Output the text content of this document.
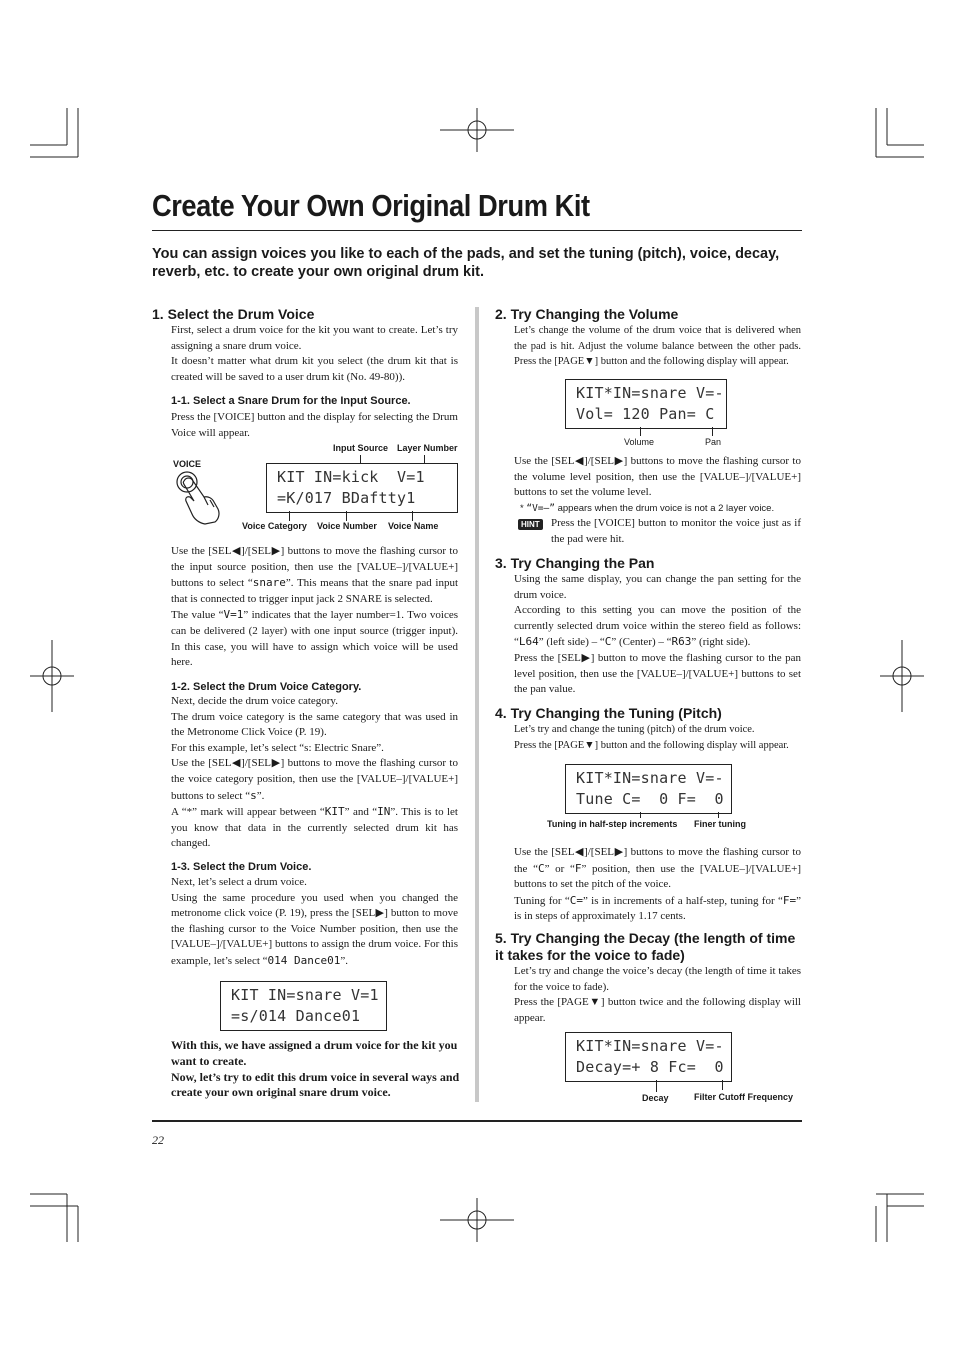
Create Your Own Original Drum Kit
You can assign voices you like to each of the pads, and set the tuning (pitch), voice, decay, reverb, etc. to create your own original drum kit.
1. Select the Drum Voice

First, select a drum voice for the kit you want to create. Let’s try assigning a snare drum voice.

It doesn’t matter what drum kit you select (the drum kit that is created will be saved to a user drum kit (No. 49-80)).

1-1. Select a Snare Drum for the Input Source.

Press the [VOICE] button and the display for selecting the Drum Voice will appear.

Input Source Layer Number
VOICE
KIT IN=kick  V=1
=K/017 BDaftty1
Voice Category Voice Number Voice Name

Use the [SEL◀]/[SEL▶] buttons to move the flashing cursor to the input source position, then use the [VALUE–]/[VALUE+] buttons to select “snare”. This means that the snare pad input that is connected to trigger input jack 2 SNARE is selected.

The value “V=1” indicates that the layer number=1. Two voices can be delivered (2 layer) with one input source (trigger input). In this case, you will have to assign which voice will be used here.

1-2. Select the Drum Voice Category.

Next, decide the drum voice category.

The drum voice category is the same category that was used in the Metronome Click Voice (P. 19).

For this example, let’s select “s: Electric Snare”.

Use the [SEL◀]/[SEL▶] buttons to move the flashing cursor to the voice category position, then use the [VALUE–]/[VALUE+] buttons to select “s”.

A “*” mark will appear between “KIT” and “IN”. This is to let you know that data in the currently selected drum kit has changed.

1-3. Select the Drum Voice.

Next, let’s select a drum voice.

Using the same procedure you used when you changed the metronome click voice (P. 19), press the [SEL▶] button to move the flashing cursor to the Voice Number position, then use the [VALUE–]/[VALUE+] buttons to assign the drum voice. For this example, let’s select “014 Dance01”.

KIT IN=snare V=1
=s/014 Dance01
With this, we have assigned a drum voice for the kit you want to create.
Now, let’s try to edit this drum voice in several ways and create your own original snare drum voice.
2. Try Changing the Volume

Let’s change the volume of the drum voice that is delivered when the pad is hit. Adjust the volume balance between the other pads. Press the [PAGE▼] button and the following display will appear.

KIT*IN=snare V=-
Vol= 120 Pan= C
Volume	Pan

Use the [SEL◀]/[SEL▶] buttons to move the flashing cursor to the volume level position, then use the [VALUE–]/[VALUE+] buttons to set the volume level.

* “V=–” appears when the drum voice is not a 2 layer voice.
HINT Press the [VOICE] button to monitor the voice just as if the pad were hit.

3. Try Changing the Pan

Using the same display, you can change the pan setting for the drum voice.

According to this setting you can move the position of the currently selected drum voice within the stereo field as follows: “L64” (left side) – “C” (Center) – “R63” (right side).

Press the [SEL▶] button to move the flashing cursor to the pan level position, then use the [VALUE–]/[VALUE+] buttons to set the pan value.

4. Try Changing the Tuning (Pitch)

Let’s try and change the tuning (pitch) of the drum voice.

Press the [PAGE▼] button and the following display will appear.

KIT*IN=snare V=-
Tune C=  0 F=  0
Tuning in half-step increments Finer tuning

Use the [SEL◀]/[SEL▶] buttons to move the flashing cursor to the “C” or “F” position, then use the [VALUE–]/[VALUE+] buttons to set the pitch of the voice.

Tuning for “C=” is in increments of a half-step, tuning for “F=” is in steps of approximately 1.17 cents.

5. Try Changing the Decay (the length of time it takes for the voice to fade)

Let’s try and change the voice’s decay (the length of time it takes for the voice to fade).

Press the [PAGE▼] button twice and the following display will appear.

KIT*IN=snare V=-
Decay=+ 8 Fc=  0
Decay	Filter Cutoff Frequency
22
